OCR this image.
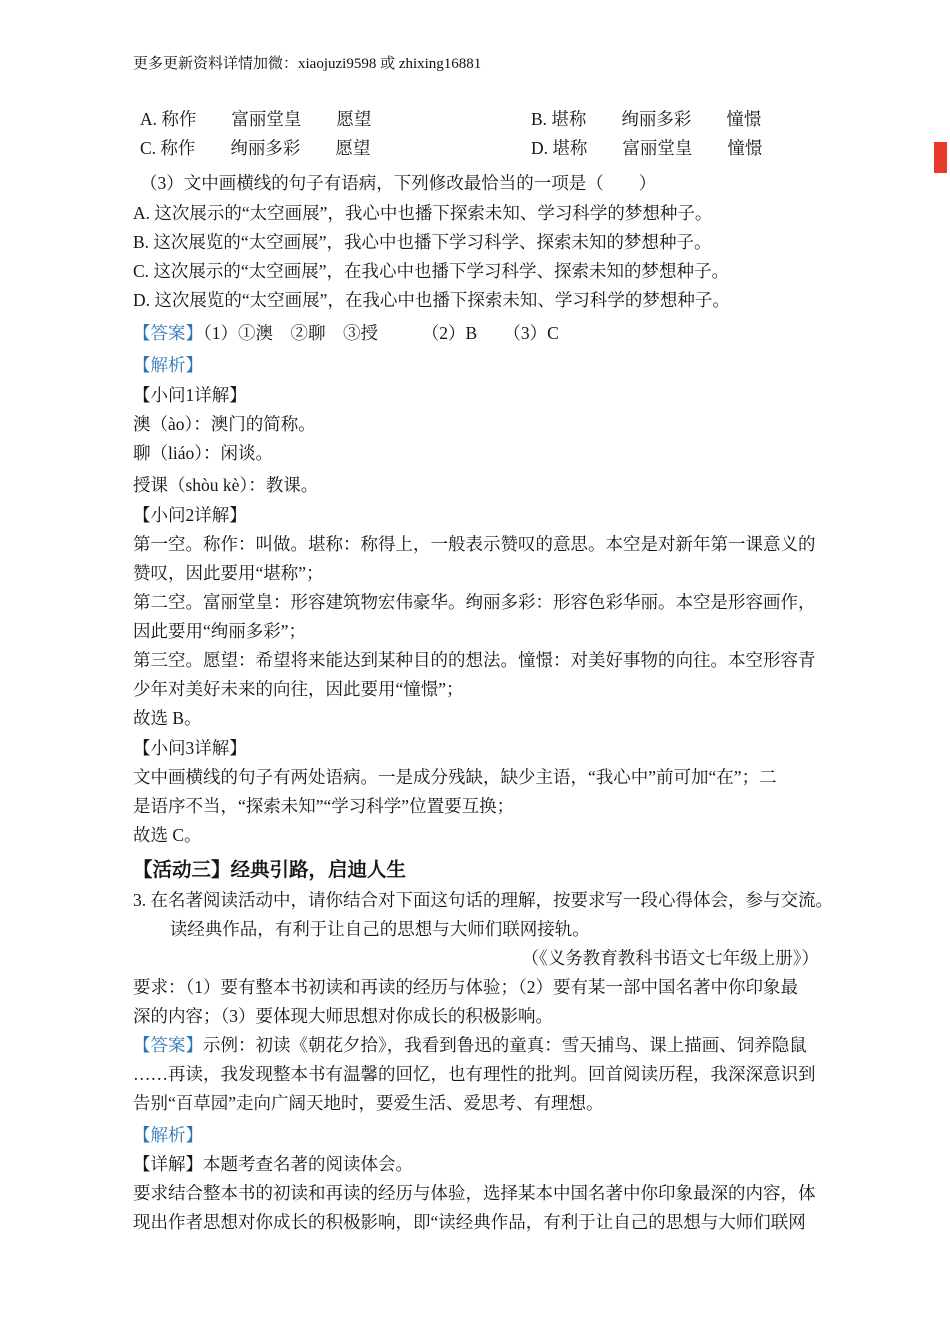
更多更新资料详情加微：xiaojuzi9598 或 zhixing16881
A. 称作　　富丽堂皇　　愿望	B. 堪称　　绚丽多彩　　憧憬
C. 称作　　绚丽多彩　　愿望	D. 堪称　　富丽堂皇　　憧憬
（3）文中画横线的句子有语病，下列修改最恰当的一项是（　　）
A. 这次展示的“太空画展”，我心中也播下探索未知、学习科学的梦想种子。
B. 这次展览的“太空画展”，我心中也播下学习科学、探索未知的梦想种子。
C. 这次展示的“太空画展”，在我心中也播下学习科学、探索未知的梦想种子。
D. 这次展览的“太空画展”，在我心中也播下探索未知、学习科学的梦想种子。
【答案】（1）①澳　②聊　③授　　　（2）B　　（3）C
【解析】
【小问1详解】
澳（ào）：澳门的简称。
聊（liáo）：闲谈。
授课（shòu kè）：教课。
【小问2详解】
第一空。称作：叫做。堪称：称得上，一般表示赞叹的意思。本空是对新年第一课意义的
赞叹，因此要用“堪称”；
第二空。富丽堂皇：形容建筑物宏伟豪华。绚丽多彩：形容色彩华丽。本空是形容画作，
因此要用“绚丽多彩”；
第三空。愿望：希望将来能达到某种目的的想法。憧憬：对美好事物的向往。本空形容青
少年对美好未来的向往，因此要用“憧憬”；
故选 B。
【小问3详解】
文中画横线的句子有两处语病。一是成分残缺，缺少主语，“我心中”前可加“在”；二
是语序不当，“探索未知”“学习科学”位置要互换；
故选 C。
【活动三】经典引路，启迪人生
3. 在名著阅读活动中，请你结合对下面这句话的理解，按要求写一段心得体会，参与交流。
读经典作品，有利于让自己的思想与大师们联网接轨。
（《义务教育教科书语文七年级上册》）
要求：（1）要有整本书初读和再读的经历与体验；（2）要有某一部中国名著中你印象最
深的内容；（3）要体现大师思想对你成长的积极影响。
【答案】示例：初读《朝花夕拾》，我看到鲁迅的童真：雪天捕鸟、课上描画、饲养隐鼠
……再读，我发现整本书有温馨的回忆，也有理性的批判。回首阅读历程，我深深意识到
告别“百草园”走向广阔天地时，要爱生活、爱思考、有理想。
【解析】
【详解】本题考查名著的阅读体会。
要求结合整本书的初读和再读的经历与体验，选择某本中国名著中你印象最深的内容，体
现出作者思想对你成长的积极影响，即“读经典作品，有利于让自己的思想与大师们联网
